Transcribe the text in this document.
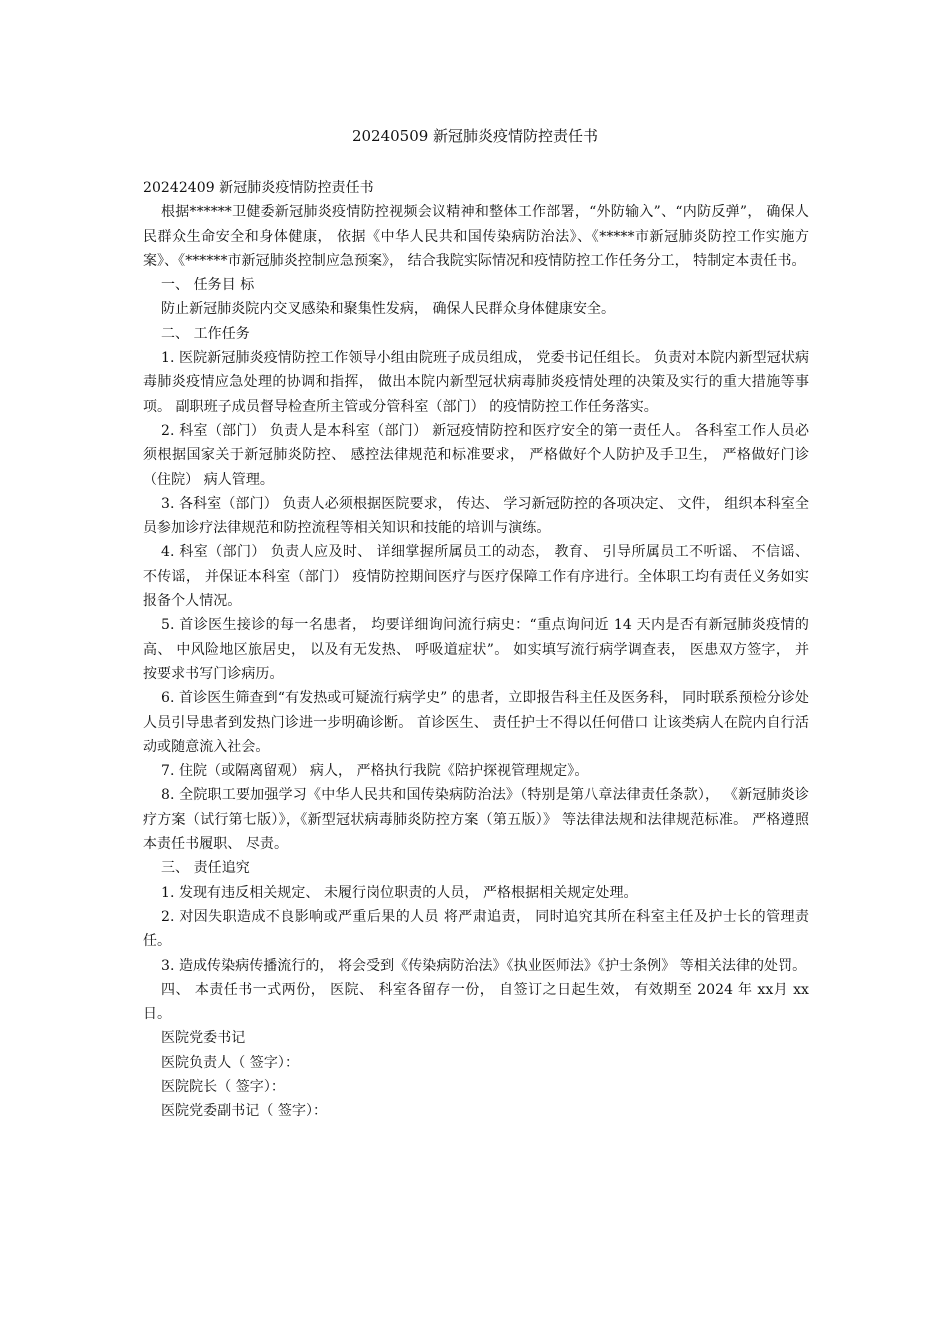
20240509 新冠肺炎疫情防控责任书

20242409 新冠肺炎疫情防控责任书

根据******卫健委新冠肺炎疫情防控视频会议精神和整体工作部署，“外防输入”、“内防反弹”， 确保人民群众生命安全和身体健康， 依据《中华人民共和国传染病防治法》、《*****市新冠肺炎防控工作实施方案》、《******市新冠肺炎控制应急预案》， 结合我院实际情况和疫情防控工作任务分工， 特制定本责任书。

一、 任务目 标

防止新冠肺炎院内交叉感染和聚集性发病， 确保人民群众身体健康安全。

二、 工作任务

1. 医院新冠肺炎疫情防控工作领导小组由院班子成员组成， 党委书记任组长。 负责对本院内新型冠状病毒肺炎疫情应急处理的协调和指挥， 做出本院内新型冠状病毒肺炎疫情处理的决策及实行的重大措施等事项。 副职班子成员督导检查所主管或分管科室（部门） 的疫情防控工作任务落实。

2. 科室（部门） 负责人是本科室（部门） 新冠疫情防控和医疗安全的第一责任人。 各科室工作人员必须根据国家关于新冠肺炎防控、 感控法律规范和标准要求， 严格做好个人防护及手卫生， 严格做好门诊（住院） 病人管理。

3. 各科室（部门） 负责人必须根据医院要求， 传达、 学习新冠防控的各项决定、 文件， 组织本科室全员参加诊疗法律规范和防控流程等相关知识和技能的培训与演练。

4. 科室（部门） 负责人应及时、 详细掌握所属员工的动态， 教育、 引导所属员工不听谣、 不信谣、 不传谣， 并保证本科室（部门） 疫情防控期间医疗与医疗保障工作有序进行。全体职工均有责任义务如实报备个人情况。

5. 首诊医生接诊的每一名患者， 均要详细询问流行病史：“重点询问近 14 天内是否有新冠肺炎疫情的高、 中风险地区旅居史， 以及有无发热、 呼吸道症状”。 如实填写流行病学调查表， 医患双方签字， 并按要求书写门诊病历。

6. 首诊医生筛查到“有发热或可疑流行病学史” 的患者，立即报告科主任及医务科， 同时联系预检分诊处人员引导患者到发热门诊进一步明确诊断。 首诊医生、 责任护士不得以任何借口 让该类病人在院内自行活动或随意流入社会。

7. 住院（或隔离留观） 病人， 严格执行我院《陪护探视管理规定》。

8. 全院职工要加强学习《中华人民共和国传染病防治法》（特别是第八章法律责任条款）， 《新冠肺炎诊疗方案（试行第七版）》，《新型冠状病毒肺炎防控方案（第五版）》 等法律法规和法律规范标准。 严格遵照本责任书履职、 尽责。

三、 责任追究

1. 发现有违反相关规定、 未履行岗位职责的人员， 严格根据相关规定处理。

2. 对因失职造成不良影响或严重后果的人员 将严肃追责， 同时追究其所在科室主任及护士长的管理责任。

3. 造成传染病传播流行的， 将会受到《传染病防治法》《执业医师法》《护士条例》 等相关法律的处罚。

四、 本责任书一式两份， 医院、 科室各留存一份， 自签订之日起生效， 有效期至 2024 年 xx月 xx日。

医院党委书记

医院负责人（ 签字）：

医院院长（ 签字）：

医院党委副书记（ 签字）：
